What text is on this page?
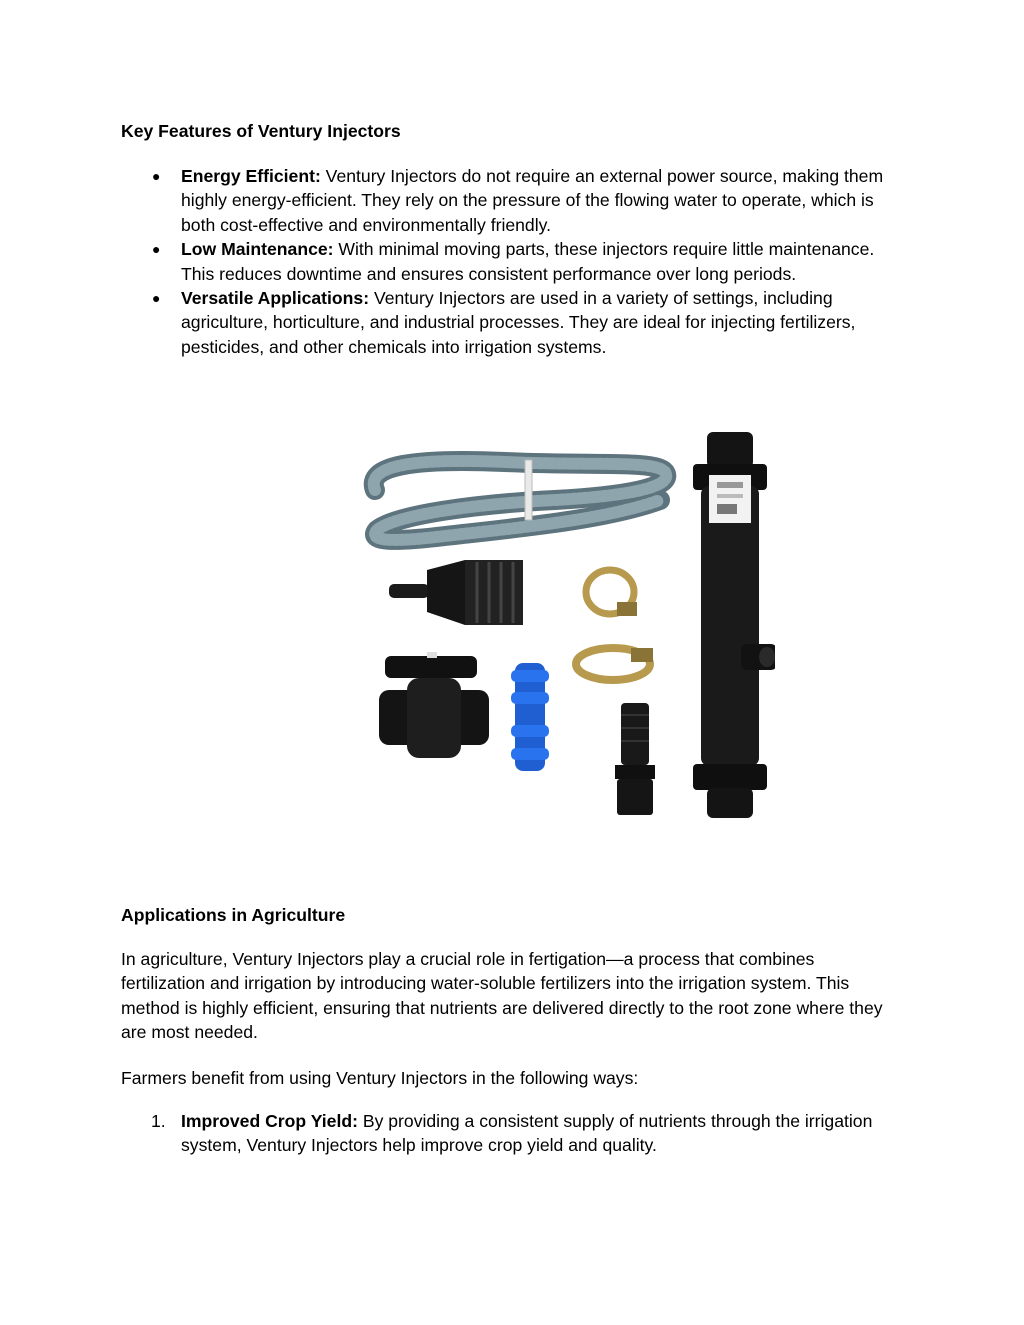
Key Features of Ventury Injectors
● Energy Efficient: Ventury Injectors do not require an external power source, making them highly energy-efficient. They rely on the pressure of the flowing water to operate, which is both cost-effective and environmentally friendly.
● Low Maintenance: With minimal moving parts, these injectors require little maintenance. This reduces downtime and ensures consistent performance over long periods.
● Versatile Applications: Ventury Injectors are used in a variety of settings, including agriculture, horticulture, and industrial processes. They are ideal for injecting fertilizers, pesticides, and other chemicals into irrigation systems.
Applications in Agriculture

In agriculture, Ventury Injectors play a crucial role in fertigation—a process that combines fertilization and irrigation by introducing water-soluble fertilizers into the irrigation system. This method is highly efficient, ensuring that nutrients are delivered directly to the root zone where they are most needed.

Farmers benefit from using Ventury Injectors in the following ways:

1. Improved Crop Yield: By providing a consistent supply of nutrients through the irrigation system, Ventury Injectors help improve crop yield and quality.
